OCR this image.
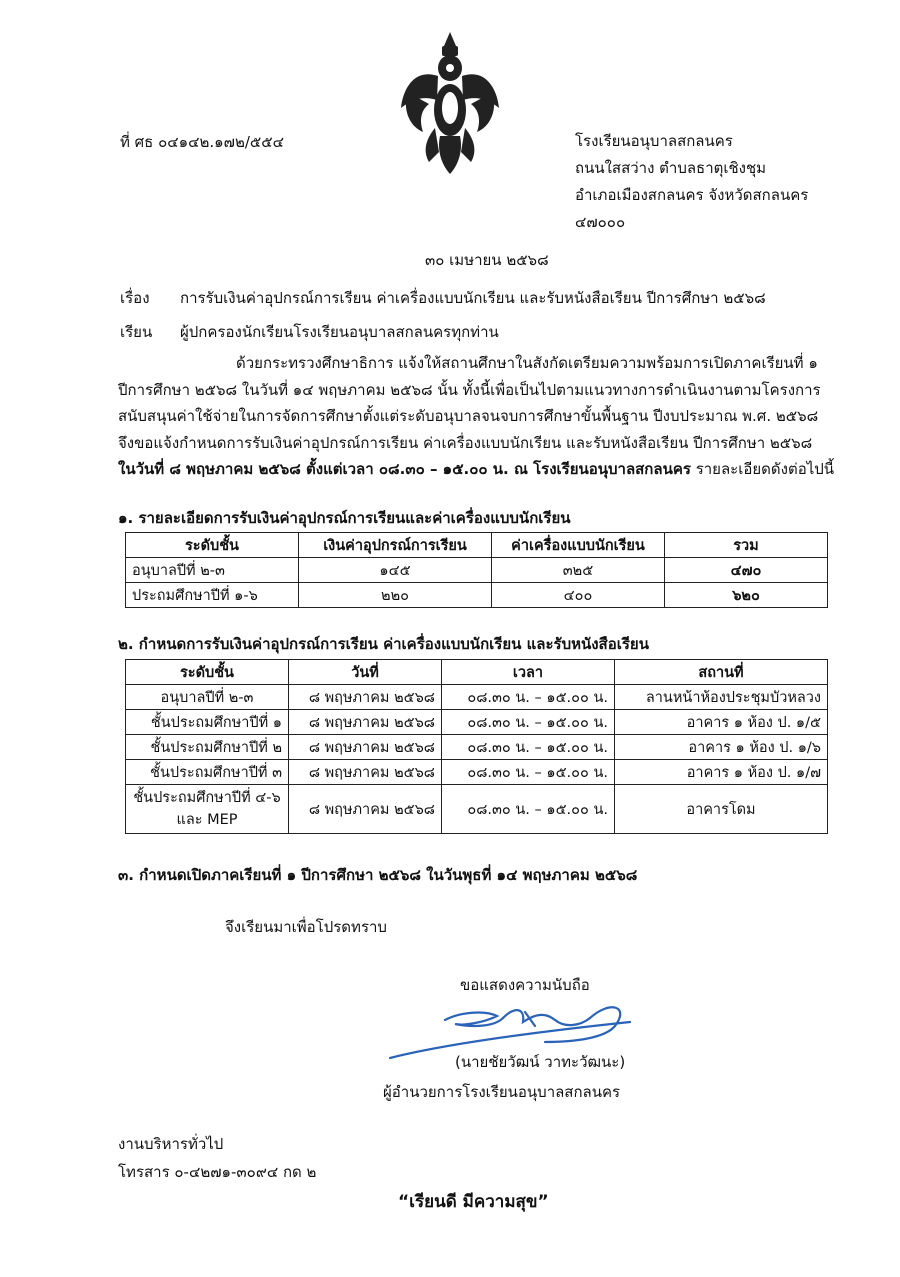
ที่ ศธ ๐๔๑๔๒.๑๗๒/๕๕๔	โรงเรียนอนุบาลสกลนคร
ถนนใสสว่าง ตำบลธาตุเชิงชุม
อำเภอเมืองสกลนคร จังหวัดสกลนคร
๔๗๐๐๐
๓๐ เมษายน ๒๕๖๘
เรื่อง การรับเงินค่าอุปกรณ์การเรียน ค่าเครื่องแบบนักเรียน และรับหนังสือเรียน ปีการศึกษา ๒๕๖๘
เรียน ผู้ปกครองนักเรียนโรงเรียนอนุบาลสกลนครทุกท่าน
ด้วยกระทรวงศึกษาธิการ แจ้งให้สถานศึกษาในสังกัดเตรียมความพร้อมการเปิดภาคเรียนที่ ๑
ปีการศึกษา ๒๕๖๘ ในวันที่ ๑๔ พฤษภาคม ๒๕๖๘ นั้น ทั้งนี้เพื่อเป็นไปตามแนวทางการดำเนินงานตามโครงการ
สนับสนุนค่าใช้จ่ายในการจัดการศึกษาตั้งแต่ระดับอนุบาลจนจบการศึกษาขั้นพื้นฐาน ปีงบประมาณ พ.ศ. ๒๕๖๘
จึงขอแจ้งกำหนดการรับเงินค่าอุปกรณ์การเรียน ค่าเครื่องแบบนักเรียน และรับหนังสือเรียน ปีการศึกษา ๒๕๖๘
ในวันที่ ๘ พฤษภาคม ๒๕๖๘ ตั้งแต่เวลา ๐๘.๓๐ – ๑๕.๐๐ น. ณ โรงเรียนอนุบาลสกลนคร รายละเอียดดังต่อไปนี้
๑. รายละเอียดการรับเงินค่าอุปกรณ์การเรียนและค่าเครื่องแบบนักเรียน
ระดับชั้น	เงินค่าอุปกรณ์การเรียน	ค่าเครื่องแบบนักเรียน	รวม
อนุบาลปีที่ ๒-๓	๑๔๕	๓๒๕	๔๗๐
ประถมศึกษาปีที่ ๑-๖	๒๒๐	๔๐๐	๖๒๐
๒. กำหนดการรับเงินค่าอุปกรณ์การเรียน ค่าเครื่องแบบนักเรียน และรับหนังสือเรียน
ระดับชั้น	วันที่	เวลา	สถานที่
อนุบาลปีที่ ๒-๓	๘ พฤษภาคม ๒๕๖๘	๐๘.๓๐ น. – ๑๕.๐๐ น.	ลานหน้าห้องประชุมบัวหลวง
ชั้นประถมศึกษาปีที่ ๑	๘ พฤษภาคม ๒๕๖๘	๐๘.๓๐ น. – ๑๕.๐๐ น.	อาคาร ๑ ห้อง ป. ๑/๕
ชั้นประถมศึกษาปีที่ ๒	๘ พฤษภาคม ๒๕๖๘	๐๘.๓๐ น. – ๑๕.๐๐ น.	อาคาร ๑ ห้อง ป. ๑/๖
ชั้นประถมศึกษาปีที่ ๓	๘ พฤษภาคม ๒๕๖๘	๐๘.๓๐ น. – ๑๕.๐๐ น.	อาคาร ๑ ห้อง ป. ๑/๗
ชั้นประถมศึกษาปีที่ ๔-๖ และ MEP	๘ พฤษภาคม ๒๕๖๘	๐๘.๓๐ น. – ๑๕.๐๐ น.	อาคารโดม
๓. กำหนดเปิดภาคเรียนที่ ๑ ปีการศึกษา ๒๕๖๘ ในวันพุธที่ ๑๔ พฤษภาคม ๒๕๖๘
จึงเรียนมาเพื่อโปรดทราบ
ขอแสดงความนับถือ
(นายชัยวัฒน์ วาทะวัฒนะ)
ผู้อำนวยการโรงเรียนอนุบาลสกลนคร
งานบริหารทั่วไป
โทรสาร ๐-๔๒๗๑-๓๐๙๔ กด ๒
“เรียนดี มีความสุข”
